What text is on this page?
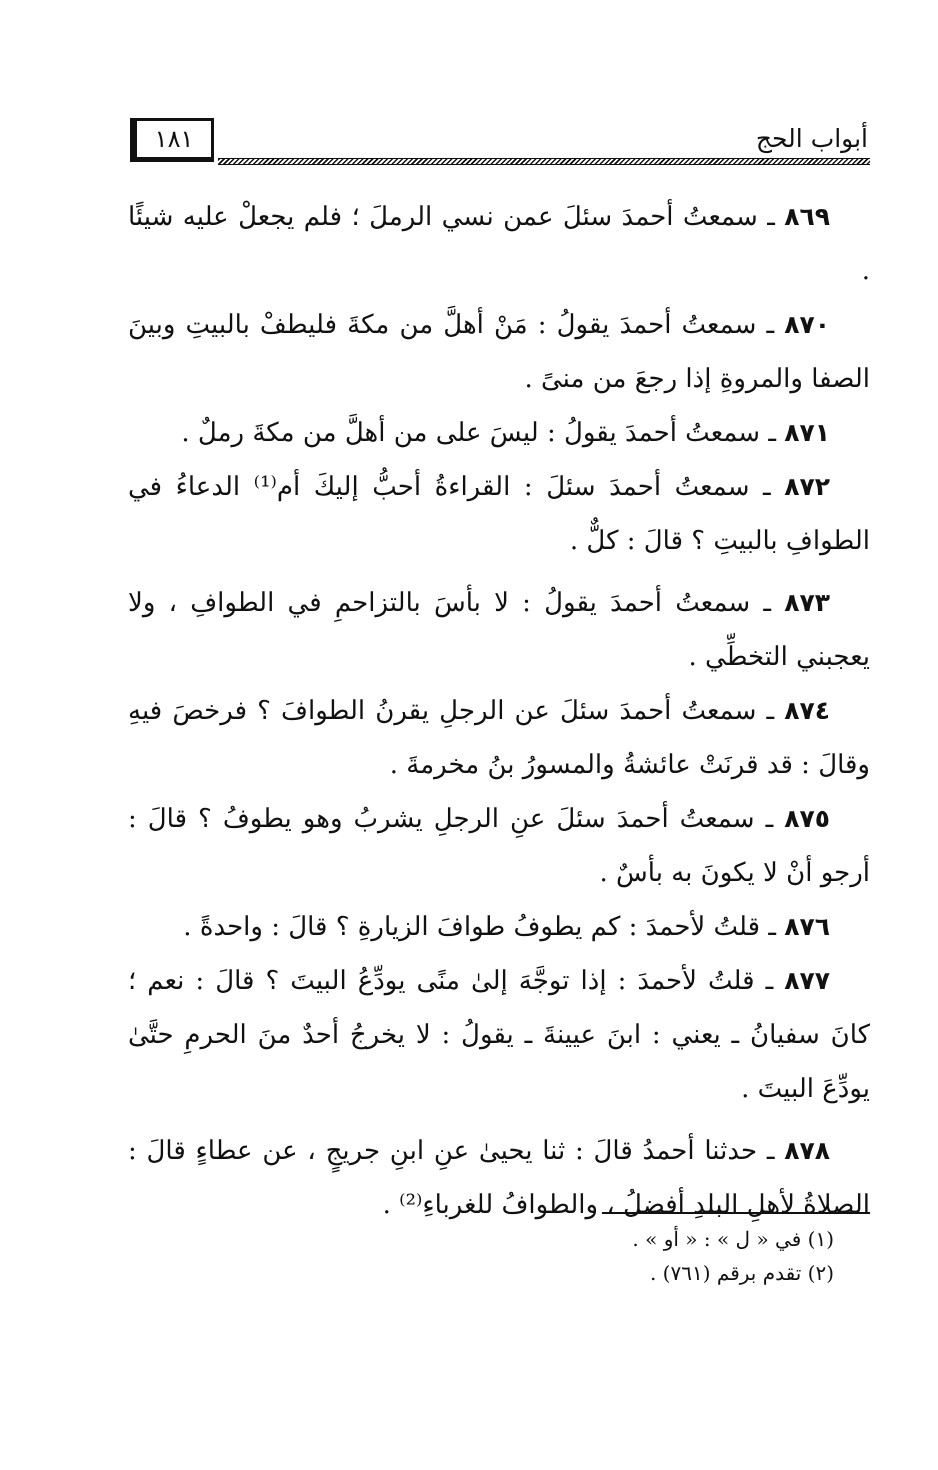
١٨١	أبواب الحج

٨٦٩ ـ سمعتُ أحمدَ سئلَ عمن نسي الرملَ ؛ فلم يجعلْ عليه شيئًا .

٨٧٠ ـ سمعتُ أحمدَ يقولُ : مَنْ أهلَّ من مكةَ فليطفْ بالبيتِ وبينَ الصفا والمروةِ إذا رجعَ من منىً .

٨٧١ ـ سمعتُ أحمدَ يقولُ : ليسَ على من أهلَّ من مكةَ رملٌ .

٨٧٢ ـ سمعتُ أحمدَ سئلَ : القراءةُ أحبُّ إليكَ أم⁽¹⁾ الدعاءُ في الطوافِ بالبيتِ ؟ قالَ : كلٌّ .

٨٧٣ ـ سمعتُ أحمدَ يقولُ : لا بأسَ بالتزاحمِ في الطوافِ ، ولا يعجبني التخطِّي .

٨٧٤ ـ سمعتُ أحمدَ سئلَ عن الرجلِ يقرنُ الطوافَ ؟ فرخصَ فيهِ وقالَ : قد قرنَتْ عائشةُ والمسورُ بنُ مخرمةَ .

٨٧٥ ـ سمعتُ أحمدَ سئلَ عنِ الرجلِ يشربُ وهو يطوفُ ؟ قالَ : أرجو أنْ لا يكونَ به بأسٌ .

٨٧٦ ـ قلتُ لأحمدَ : كم يطوفُ طوافَ الزيارةِ ؟ قالَ : واحدةً .

٨٧٧ ـ قلتُ لأحمدَ : إذا توجَّهَ إلىٰ منًى يودِّعُ البيتَ ؟ قالَ : نعم ؛ كانَ سفيانُ ـ يعني : ابنَ عيينةَ ـ يقولُ : لا يخرجُ أحدٌ منَ الحرمِ حتَّىٰ يودِّعَ البيتَ .

٨٧٨ ـ حدثنا أحمدُ قالَ : ثنا يحيىٰ عنِ ابنِ جريجٍ ، عن عطاءٍ قالَ : الصلاةُ لأهلِ البلدِ أفضلُ ، والطوافُ للغرباءِ⁽²⁾ .

(١) في « ل » : « أو » .
(٢) تقدم برقم (٧٦١) .
